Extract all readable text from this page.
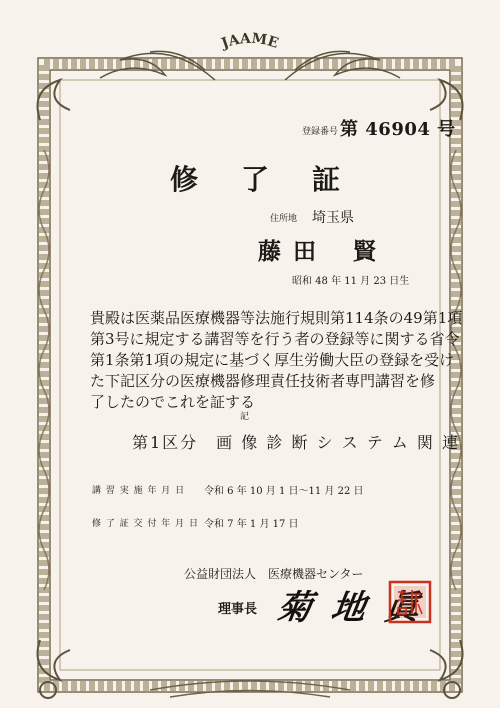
JAAME
登録番号 第 46904 号
修 了 証
住所地 埼玉県
藤 田　 賢
昭和 48 年 11 月 23 日生

貴殿は医薬品医療機器等法施行規則第114条の49第1項

第3号に規定する講習等を行う者の登録等に関する省令

第1条第1項の規定に基づく厚生労働大臣の登録を受け

た下記区分の医療機器修理責任技術者専門講習を修

了したのでこれを証する

記
第1区分　画 像 診 断 シ ス テ ム 関 連
講 習 実 施 年 月 日 令和 6 年 10 月 1 日〜11 月 22 日
修 了 証 交 付 年 月 日 令和 7 年 1 月 17 日
公益財団法人　医療機器センター
理事長 菊 地 眞
